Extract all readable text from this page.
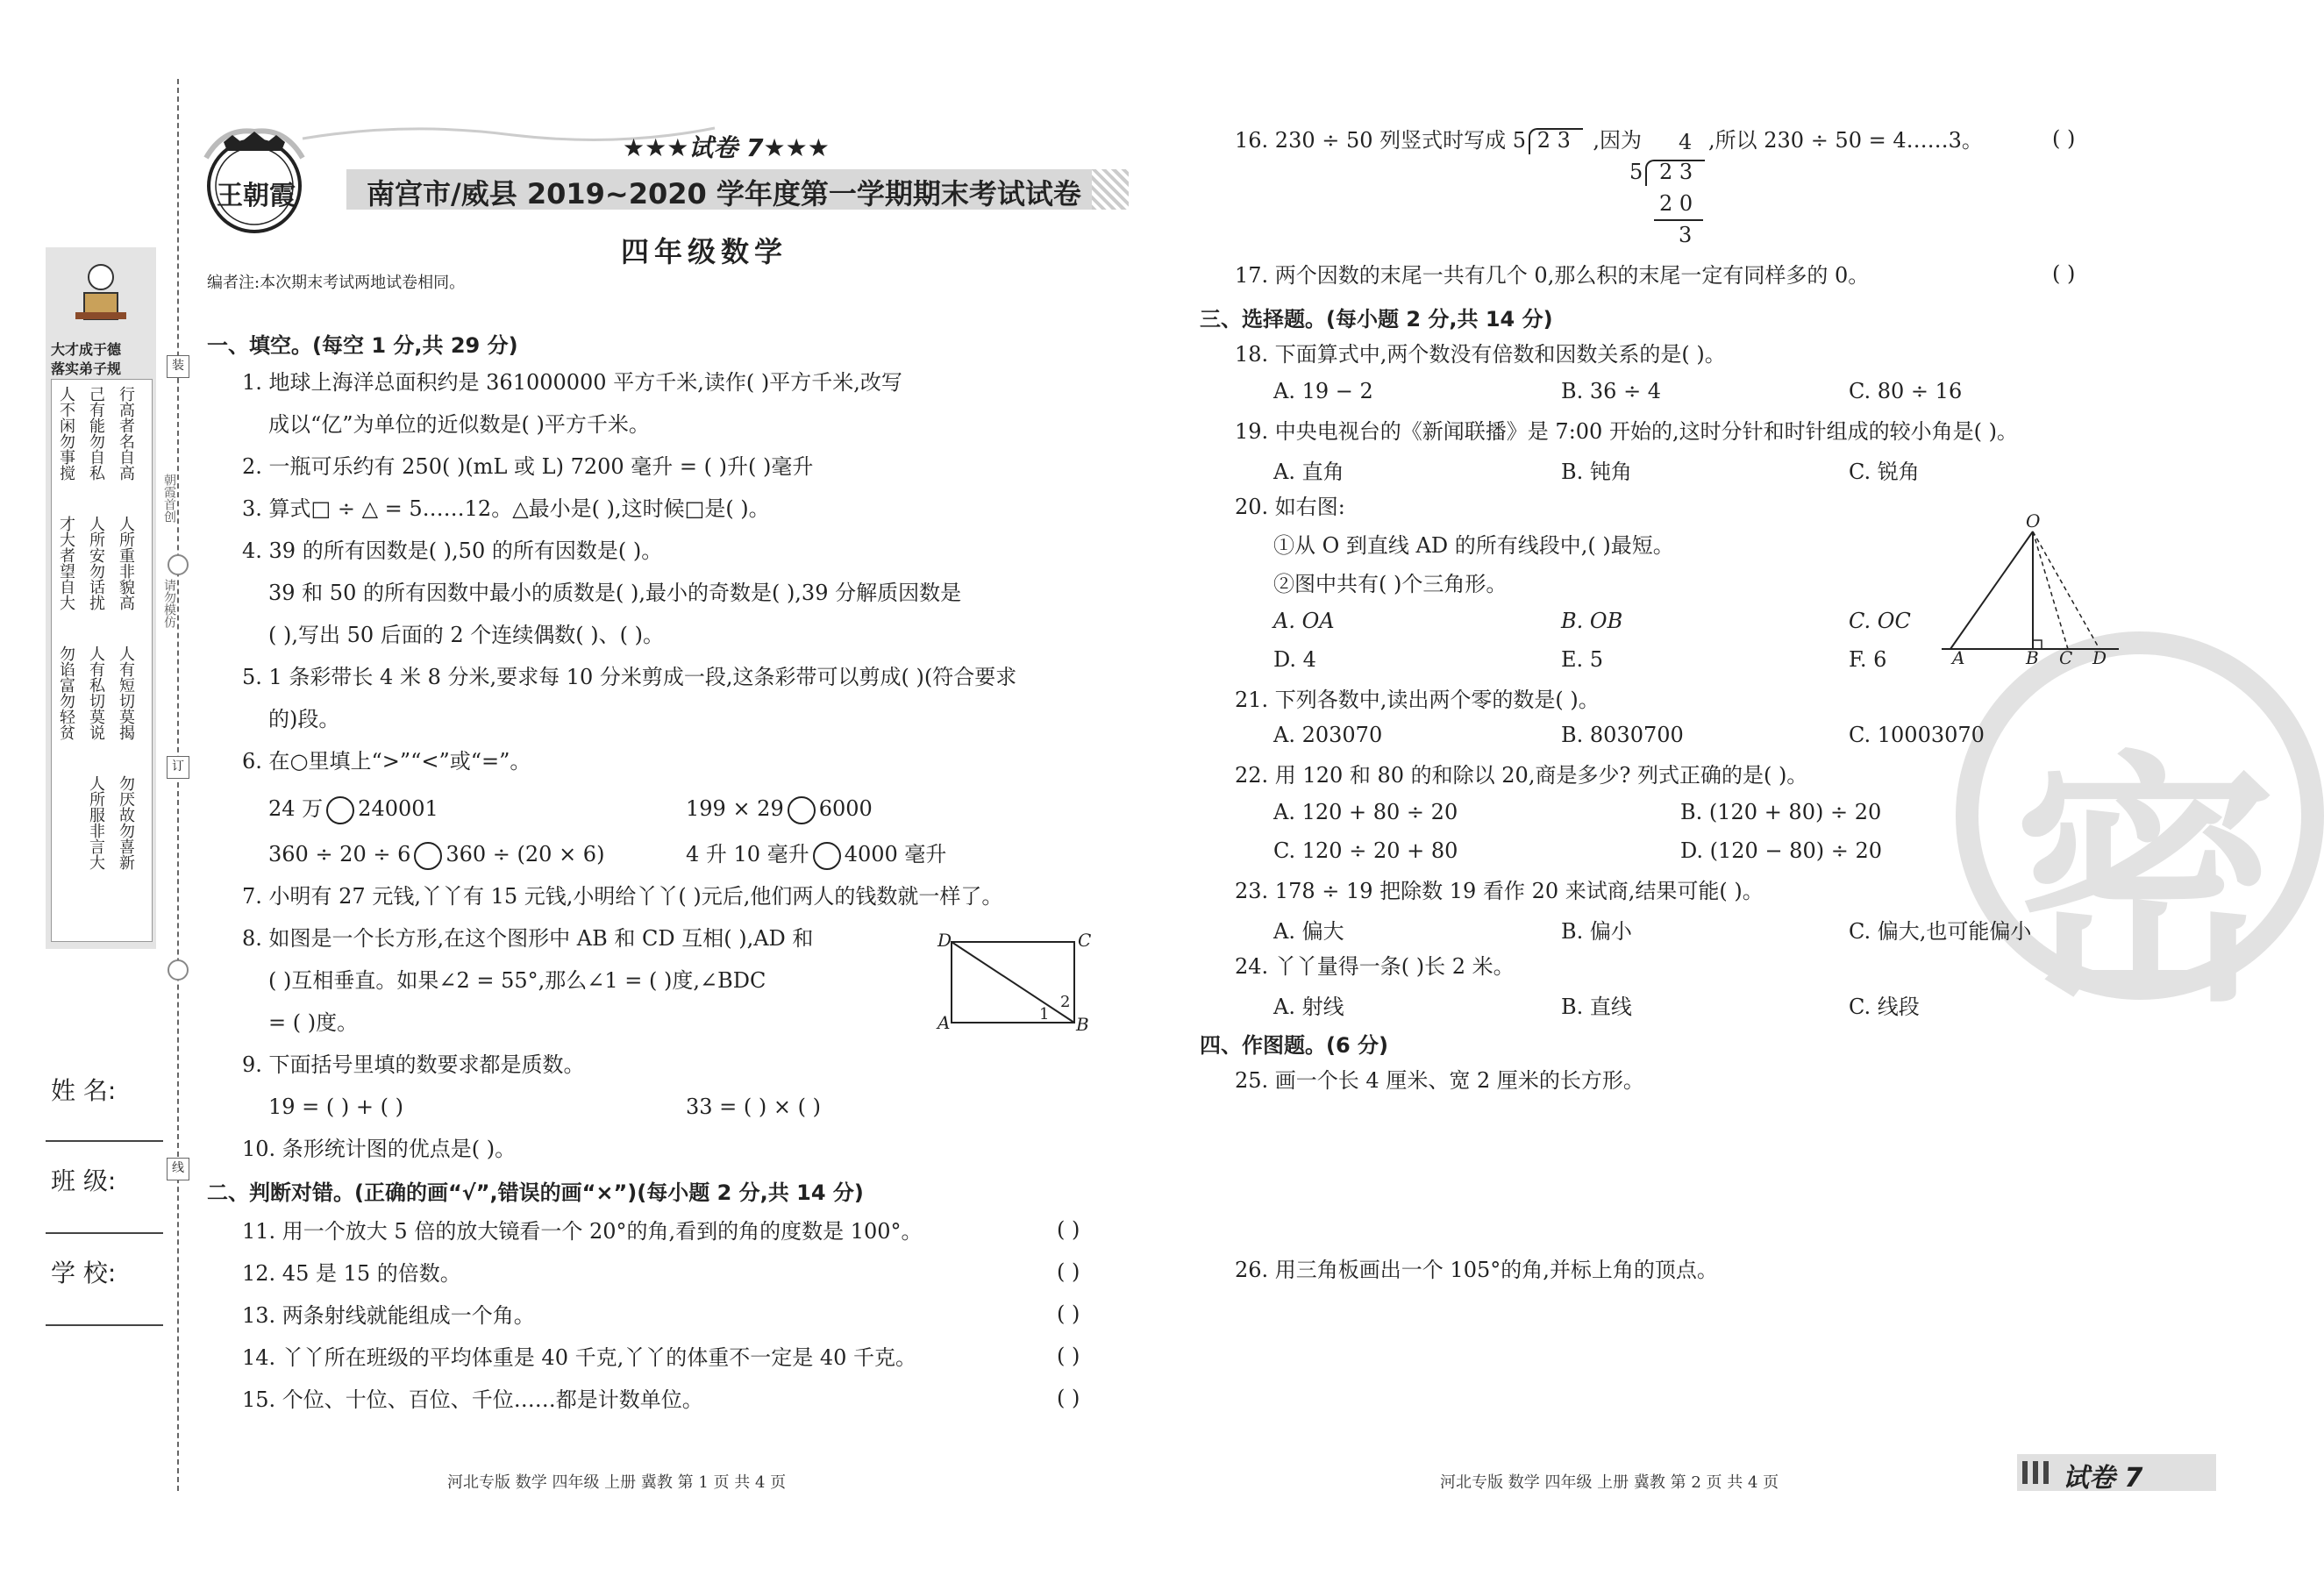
大才成于德
落实弟子规
行高者名自高
己有能勿自私
人不闲勿事搅
人所重非貌高
人所安勿话扰
才大者望自大
人有短切莫揭
人有私切莫说
勿谄富勿轻贫
勿厌故勿喜新
人所服非言大
朝霞首创
请勿模仿
装
订
线
姓 名:
班 级:
学 校:
王朝霞
★★★试卷 7★★★
南宫市/威县 2019~2020 学年度第一学期期末考试试卷
四年级数学
编者注:本次期末考试两地试卷相同。
一、填空。(每空 1 分,共 29 分)
1. 地球上海洋总面积约是 361000000 平方千米,读作( )平方千米,改写
成以“亿”为单位的近似数是( )平方千米。
2. 一瓶可乐约有 250( )(mL 或 L) 7200 毫升 = ( )升( )毫升
3. 算式□ ÷ △ = 5……12。△最小是( ),这时候□是( )。
4. 39 的所有因数是( ),50 的所有因数是( )。
39 和 50 的所有因数中最小的质数是( ),最小的奇数是( ),39 分解质因数是
( ),写出 50 后面的 2 个连续偶数( )、( )。
5. 1 条彩带长 4 米 8 分米,要求每 10 分米剪成一段,这条彩带可以剪成( )(符合要求
的)段。
6. 在○里填上“>”“<”或“=”。
24 万 240001	199 × 29 6000
360 ÷ 20 ÷ 6 360 ÷ (20 × 6)	4 升 10 毫升 4000 毫升
7. 小明有 27 元钱,丫丫有 15 元钱,小明给丫丫( )元后,他们两人的钱数就一样了。
8. 如图是一个长方形,在这个图形中 AB 和 CD 互相( ),AD 和
( )互相垂直。如果∠2 = 55°,那么∠1 = ( )度,∠BDC
= ( )度。
D	C
A	B
1
2
9. 下面括号里填的数要求都是质数。
19 = ( ) + ( )	33 = ( ) × ( )
10. 条形统计图的优点是( )。
二、判断对错。(正确的画“√”,错误的画“×”)(每小题 2 分,共 14 分)
11. 用一个放大 5 倍的放大镜看一个 20°的角,看到的角的度数是 100°。	( )
12. 45 是 15 的倍数。	( )
13. 两条射线就能组成一个角。	( )
14. 丫丫所在班级的平均体重是 40 千克,丫丫的体重不一定是 40 千克。	( )
15. 个位、十位、百位、千位……都是计数单位。	( )
河北专版 数学 四年级 上册 冀教 第 1 页 共 4 页
密
16. 230 ÷ 50 列竖式时写成 5 2 3 ,因为 4
5 2 3
2 0
3
,所以 230 ÷ 50 = 4……3。	( )
17. 两个因数的末尾一共有几个 0,那么积的末尾一定有同样多的 0。	( )
三、选择题。(每小题 2 分,共 14 分)
18. 下面算式中,两个数没有倍数和因数关系的是( )。
A. 19 − 2	B. 36 ÷ 4	C. 80 ÷ 16
19. 中央电视台的《新闻联播》是 7:00 开始的,这时分针和时针组成的较小角是( )。
A. 直角	B. 钝角	C. 锐角
20. 如右图:
①从 O 到直线 AD 的所有线段中,( )最短。
②图中共有( )个三角形。
A. OA	B. OB	C. OC
D. 4	E. 5	F. 6
O
A	B C D
21. 下列各数中,读出两个零的数是( )。
A. 203070	B. 8030700	C. 10003070
22. 用 120 和 80 的和除以 20,商是多少? 列式正确的是( )。
A. 120 + 80 ÷ 20	B. (120 + 80) ÷ 20
C. 120 ÷ 20 + 80	D. (120 − 80) ÷ 20
23. 178 ÷ 19 把除数 19 看作 20 来试商,结果可能( )。
A. 偏大	B. 偏小	C. 偏大,也可能偏小
24. 丫丫量得一条( )长 2 米。
A. 射线	B. 直线	C. 线段
四、作图题。(6 分)
25. 画一个长 4 厘米、宽 2 厘米的长方形。
26. 用三角板画出一个 105°的角,并标上角的顶点。
河北专版 数学 四年级 上册 冀教 第 2 页 共 4 页	试卷 7
